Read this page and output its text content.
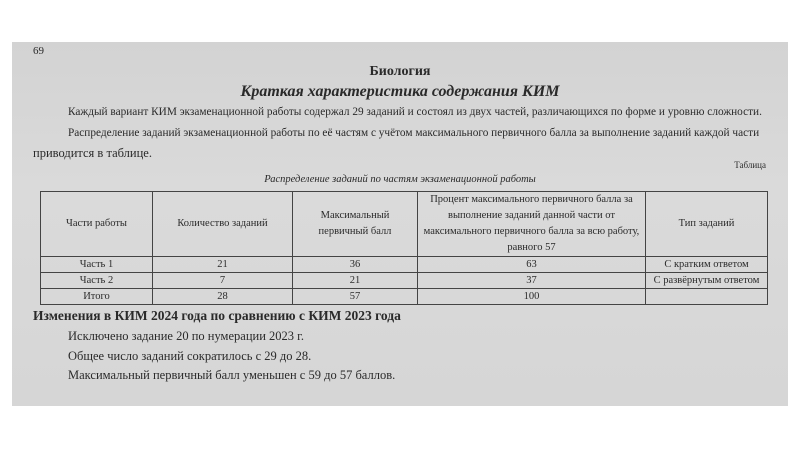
69
Биология
Краткая характеристика содержания КИМ
Каждый вариант КИМ экзаменационной работы содержал 29 заданий и состоял из двух частей, различающихся по форме и уровню сложности.
Распределение заданий экзаменационной работы по её частям с учётом максимального первичного балла за выполнение заданий каждой части
приводится в таблице.
Таблица
Распределение заданий по частям экзаменационной работы
Части работы	Количество заданий	Максимальный первичный балл	Процент максимального первичного балла за выполнение заданий данной части от максимального первичного балла за всю работу, равного 57	Тип заданий
Часть 1	21	36	63	С кратким ответом
Часть 2	7	21	37	С развёрнутым ответом
Итого	28	57	100	
Изменения в КИМ 2024 года по сравнению с КИМ 2023 года
Исключено задание 20 по нумерации 2023 г.
Общее число заданий сократилось с 29 до 28.
Максимальный первичный балл уменьшен с 59 до 57 баллов.
